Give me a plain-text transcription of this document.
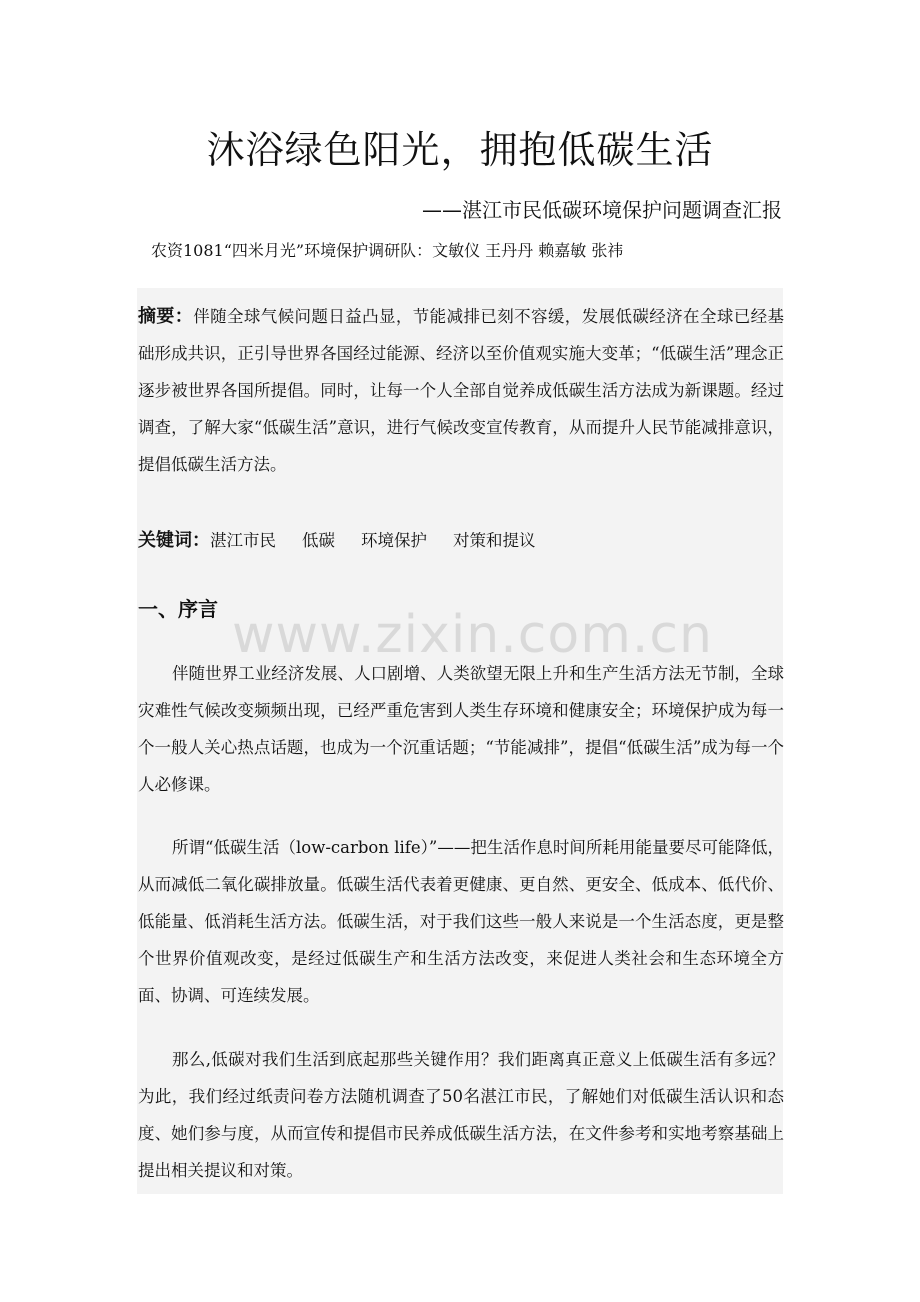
沐浴绿色阳光，拥抱低碳生活
——湛江市民低碳环境保护问题调查汇报
农资1081“四米月光”环境保护调研队：文敏仪 王丹丹 赖嘉敏 张祎

摘要：伴随全球气候问题日益凸显，节能减排已刻不容缓，发展低碳经济在全球已经基础形成共识，正引导世界各国经过能源、经济以至价值观实施大变革；“低碳生活”理念正逐步被世界各国所提倡。同时，让每一个人全部自觉养成低碳生活方法成为新课题。经过调查，了解大家“低碳生活”意识，进行气候改变宣传教育，从而提升人民节能减排意识，提倡低碳生活方法。

关键词：湛江市民 低碳 环境保护 对策和提议
一、序言 www.zixin.com.cn

伴随世界工业经济发展、人口剧增、人类欲望无限上升和生产生活方法无节制，全球灾难性气候改变频频出现，已经严重危害到人类生存环境和健康安全；环境保护成为每一个一般人关心热点话题，也成为一个沉重话题；“节能减排”，提倡“低碳生活”成为每一个人必修课。

所谓“低碳生活（low-carbon life）”——把生活作息时间所耗用能量要尽可能降低，从而减低二氧化碳排放量。低碳生活代表着更健康、更自然、更安全、低成本、低代价、低能量、低消耗生活方法。低碳生活，对于我们这些一般人来说是一个生活态度，更是整个世界价值观改变，是经过低碳生产和生活方法改变，来促进人类社会和生态环境全方面、协调、可连续发展。

那么,低碳对我们生活到底起那些关键作用？我们距离真正意义上低碳生活有多远？为此，我们经过纸责问卷方法随机调查了50名湛江市民，了解她们对低碳生活认识和态度、她们参与度，从而宣传和提倡市民养成低碳生活方法，在文件参考和实地考察基础上提出相关提议和对策。
